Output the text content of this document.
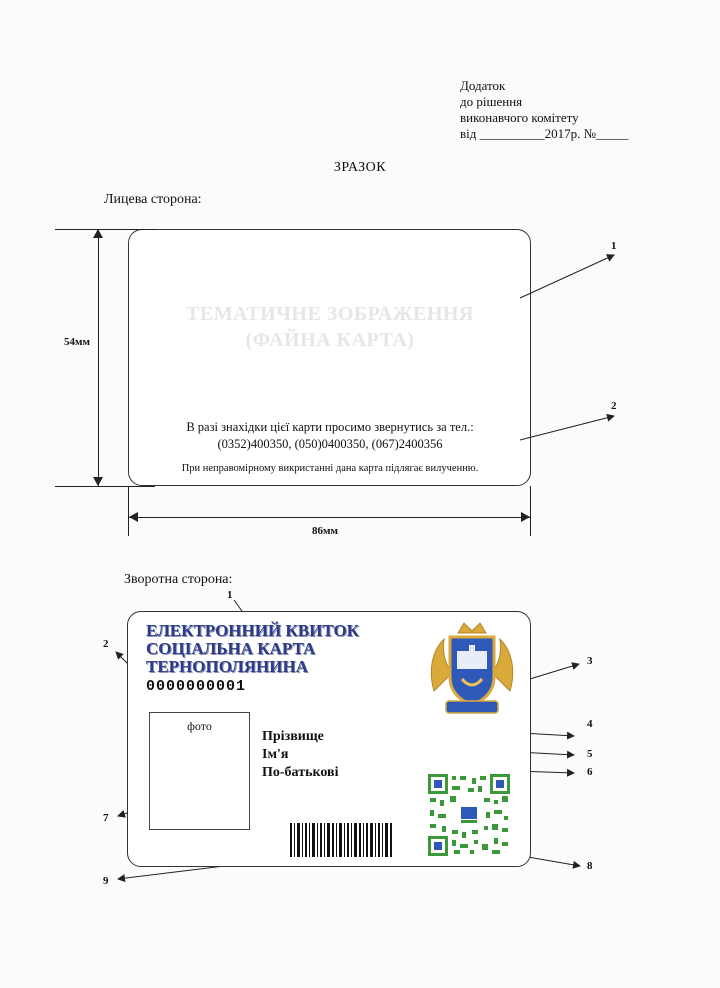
Додаток
до рішення
виконавчого комітету
від __________2017р. №_____
ЗРАЗОК
Лицева сторона:
54мм
86мм
ТЕМАТИЧНЕ ЗОБРАЖЕННЯ
(ФАЙНА КАРТА)
В разі знахідки цієї карти просимо звернутись за тел.:
(0352)400350, (050)0400350, (067)2400356
При неправомірному викристанні дана карта підлягає вилученню.
1
2
Зворотна сторона:
ЕЛЕКТРОННИЙ КВИТОК
СОЦІАЛЬНА КАРТА
ТЕРНОПОЛЯНИНА
0000000001
фото
Прізвище
Ім'я
По-батькові
1
2
3
4
5
6
7
8
9
